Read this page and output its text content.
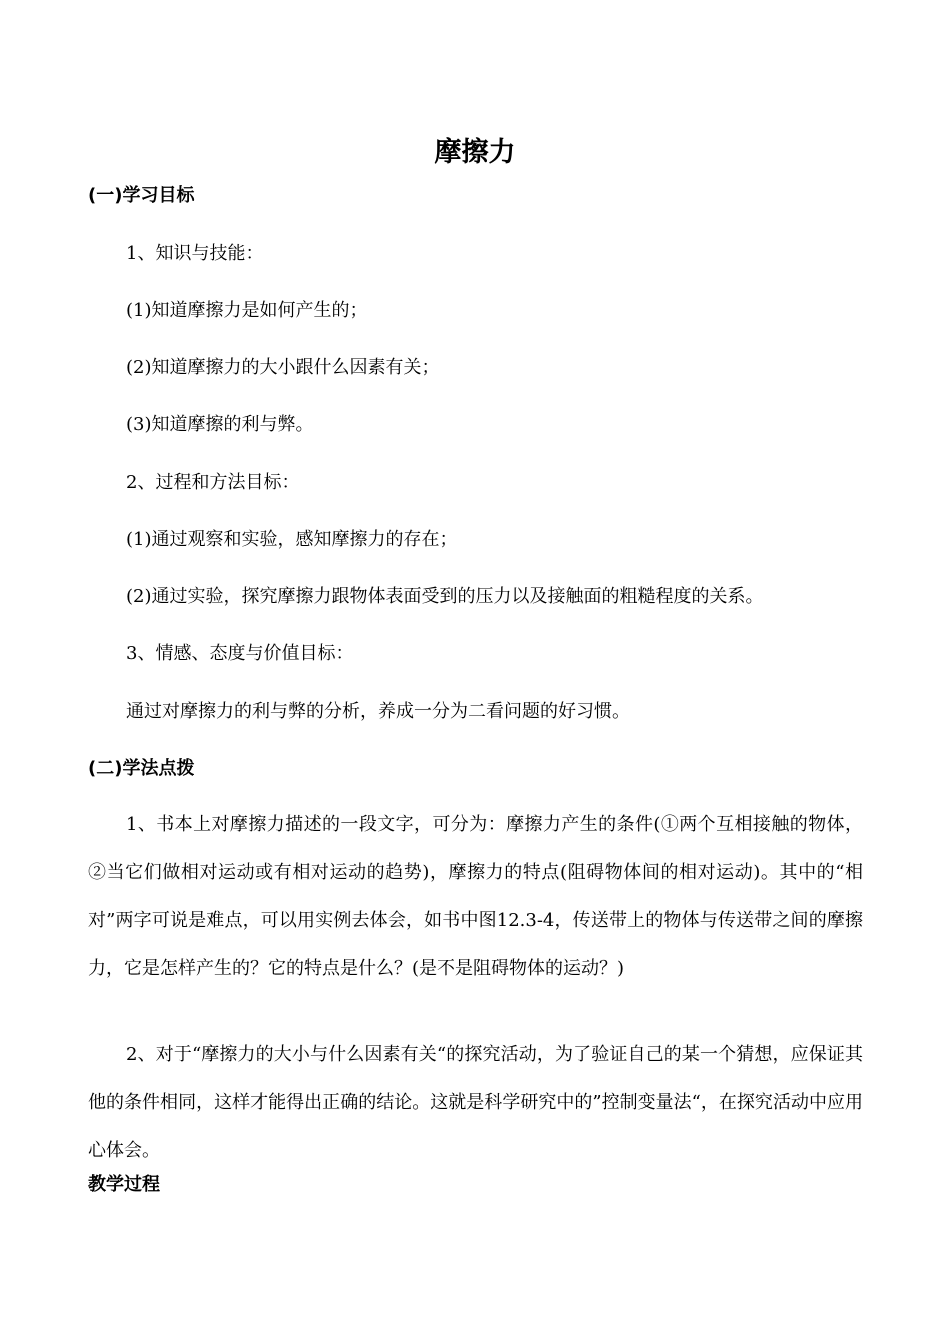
摩擦力
(一)学习目标
1、知识与技能：
(1)知道摩擦力是如何产生的；
(2)知道摩擦力的大小跟什么因素有关；
(3)知道摩擦的利与弊。
2、过程和方法目标：
(1)通过观察和实验，感知摩擦力的存在；
(2)通过实验，探究摩擦力跟物体表面受到的压力以及接触面的粗糙程度的关系。
3、情感、态度与价值目标：
通过对摩擦力的利与弊的分析，养成一分为二看问题的好习惯。
(二)学法点拨
1、书本上对摩擦力描述的一段文字，可分为：摩擦力产生的条件(①两个互相接触的物体，②当它们做相对运动或有相对运动的趋势)，摩擦力的特点(阻碍物体间的相对运动)。其中的“相对”两字可说是难点，可以用实例去体会，如书中图12.3-4，传送带上的物体与传送带之间的摩擦力，它是怎样产生的？它的特点是什么？(是不是阻碍物体的运动？)
2、对于“摩擦力的大小与什么因素有关“的探究活动，为了验证自己的某一个猜想，应保证其他的条件相同，这样才能得出正确的结论。这就是科学研究中的”控制变量法“，在探究活动中应用心体会。
教学过程
